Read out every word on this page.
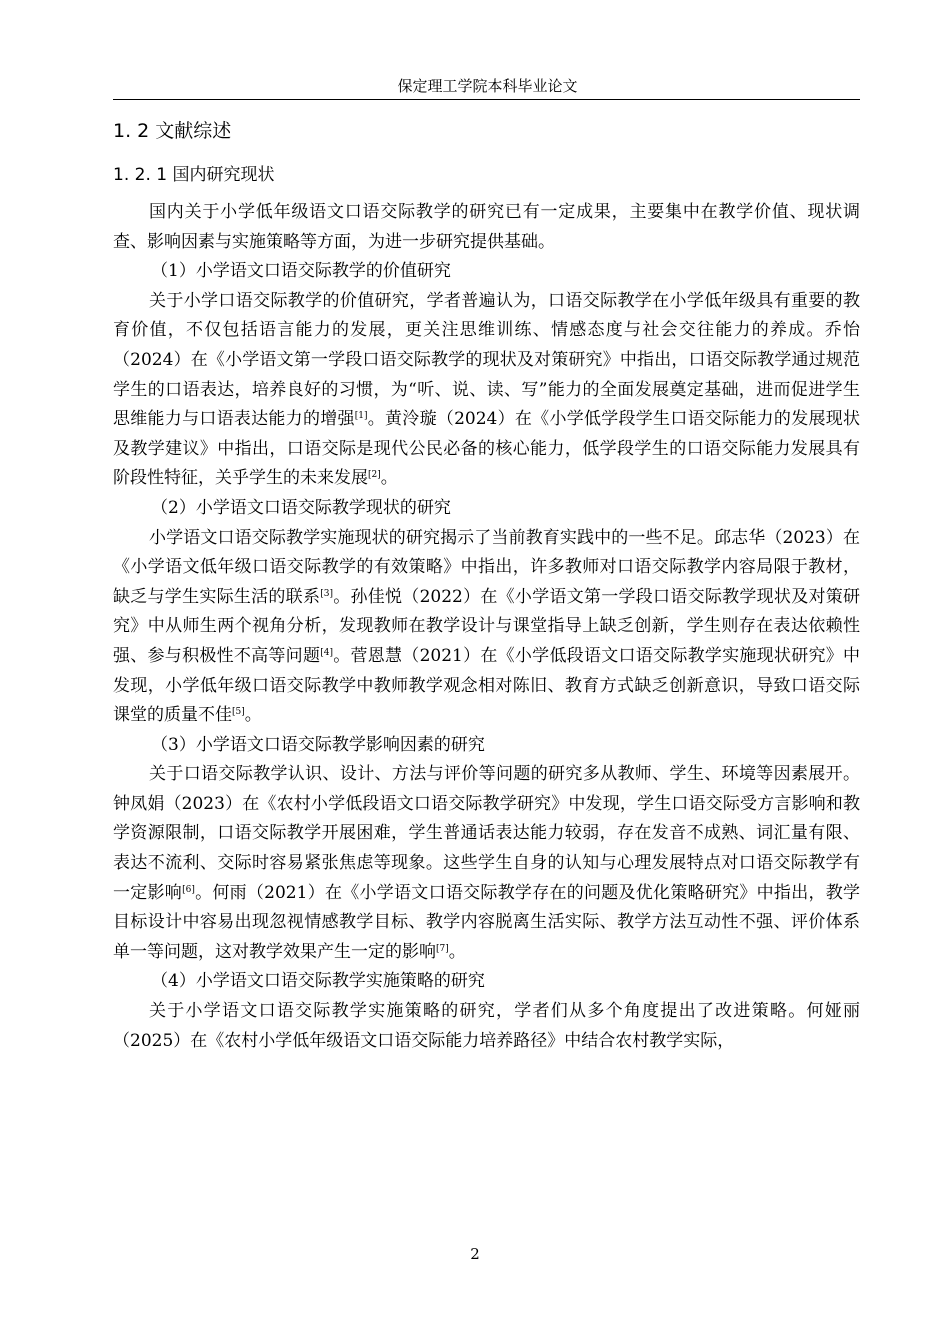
保定理工学院本科毕业论文
1. 2 文献综述
1. 2. 1 国内研究现状

国内关于小学低年级语文口语交际教学的研究已有一定成果，主要集中在教学价值、现状调查、影响因素与实施策略等方面，为进一步研究提供基础。

（1）小学语文口语交际教学的价值研究

关于小学口语交际教学的价值研究，学者普遍认为，口语交际教学在小学低年级具有重要的教育价值，不仅包括语言能力的发展，更关注思维训练、情感态度与社会交往能力的养成。乔怡（2024）在《小学语文第一学段口语交际教学的现状及对策研究》中指出，口语交际教学通过规范学生的口语表达，培养良好的习惯，为“听、说、读、写”能力的全面发展奠定基础，进而促进学生思维能力与口语表达能力的增强[1]。黄泠璇（2024）在《小学低学段学生口语交际能力的发展现状及教学建议》中指出，口语交际是现代公民必备的核心能力，低学段学生的口语交际能力发展具有阶段性特征，关乎学生的未来发展[2]。

（2）小学语文口语交际教学现状的研究

小学语文口语交际教学实施现状的研究揭示了当前教育实践中的一些不足。邱志华（2023）在《小学语文低年级口语交际教学的有效策略》中指出，许多教师对口语交际教学内容局限于教材，缺乏与学生实际生活的联系[3]。孙佳悦（2022）在《小学语文第一学段口语交际教学现状及对策研究》中从师生两个视角分析，发现教师在教学设计与课堂指导上缺乏创新，学生则存在表达依赖性强、参与积极性不高等问题[4]。菅恩慧（2021）在《小学低段语文口语交际教学实施现状研究》中发现，小学低年级口语交际教学中教师教学观念相对陈旧、教育方式缺乏创新意识，导致口语交际课堂的质量不佳[5]。

（3）小学语文口语交际教学影响因素的研究

关于口语交际教学认识、设计、方法与评价等问题的研究多从教师、学生、环境等因素展开。钟凤娟（2023）在《农村小学低段语文口语交际教学研究》中发现，学生口语交际受方言影响和教学资源限制，口语交际教学开展困难，学生普通话表达能力较弱，存在发音不成熟、词汇量有限、表达不流利、交际时容易紧张焦虑等现象。这些学生自身的认知与心理发展特点对口语交际教学有一定影响[6]。何雨（2021）在《小学语文口语交际教学存在的问题及优化策略研究》中指出，教学目标设计中容易出现忽视情感教学目标、教学内容脱离生活实际、教学方法互动性不强、评价体系单一等问题，这对教学效果产生一定的影响[7]。

（4）小学语文口语交际教学实施策略的研究

关于小学语文口语交际教学实施策略的研究，学者们从多个角度提出了改进策略。何娅丽（2025）在《农村小学低年级语文口语交际能力培养路径》中结合农村教学实际，

2
